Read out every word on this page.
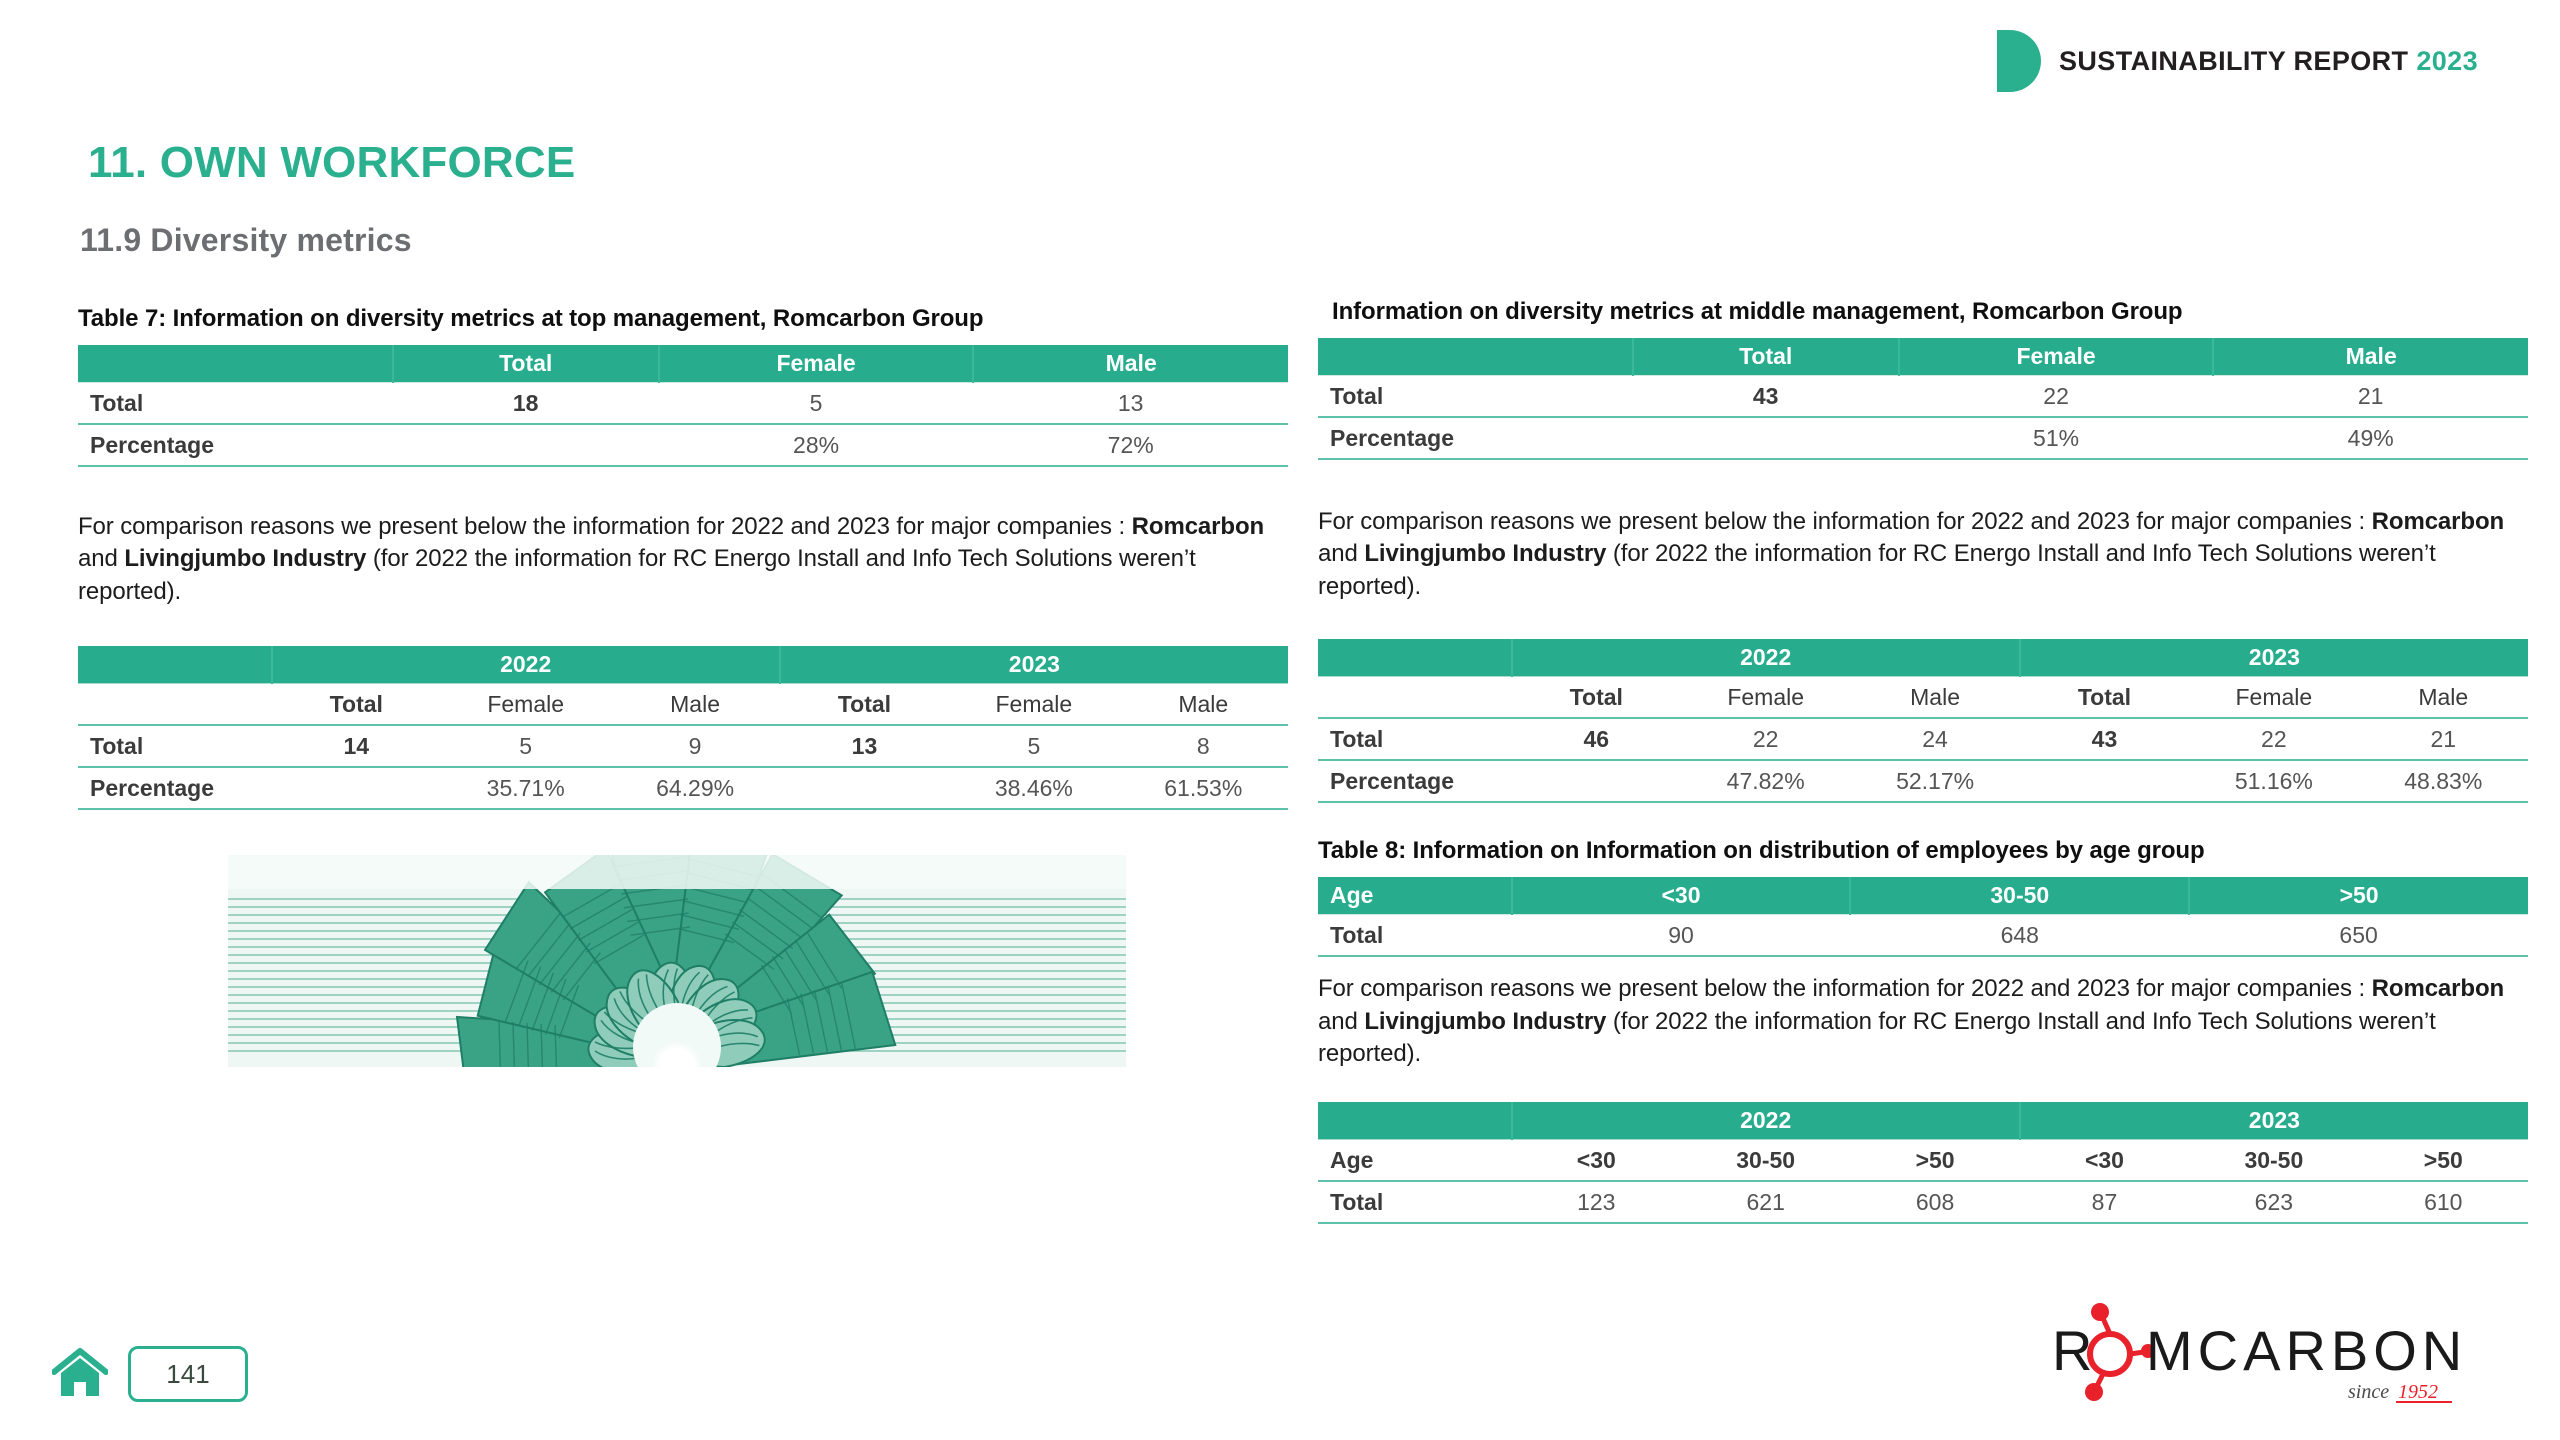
SUSTAINABILITY REPORT 2023
11. OWN WORKFORCE
11.9 Diversity metrics
Table 7: Information on diversity metrics at top management, Romcarbon Group
	Total	Female	Male
Total	18	5	13
Percentage		28%	72%
For comparison reasons we present below the information for 2022 and 2023 for major companies : Romcarbon and Livingjumbo Industry (for 2022 the information for RC Energo Install and Info Tech Solutions weren’t reported).
	2022			2023		
	Total	Female	Male	Total	Female	Male
Total	14	5	9	13	5	8
Percentage		35.71%	64.29%		38.46%	61.53%
Information on diversity metrics at middle management, Romcarbon Group
	Total	Female	Male
Total	43	22	21
Percentage		51%	49%
For comparison reasons we present below the information for 2022 and 2023 for major companies : Romcarbon and Livingjumbo Industry (for 2022 the information for RC Energo Install and Info Tech Solutions weren’t reported).
	2022			2023		
	Total	Female	Male	Total	Female	Male
Total	46	22	24	43	22	21
Percentage		47.82%	52.17%		51.16%	48.83%
Table 8: Information on Information on distribution of employees by age group
Age	<30	30-50	>50
Total	90	648	650
For comparison reasons we present below the information for 2022 and 2023 for major companies : Romcarbon and Livingjumbo Industry (for 2022 the information for RC Energo Install and Info Tech Solutions weren’t reported).
	2022			2023		
Age	<30	30-50	>50	<30	30-50	>50
Total	123	621	608	87	623	610
141	R MCARBON
since 1952
